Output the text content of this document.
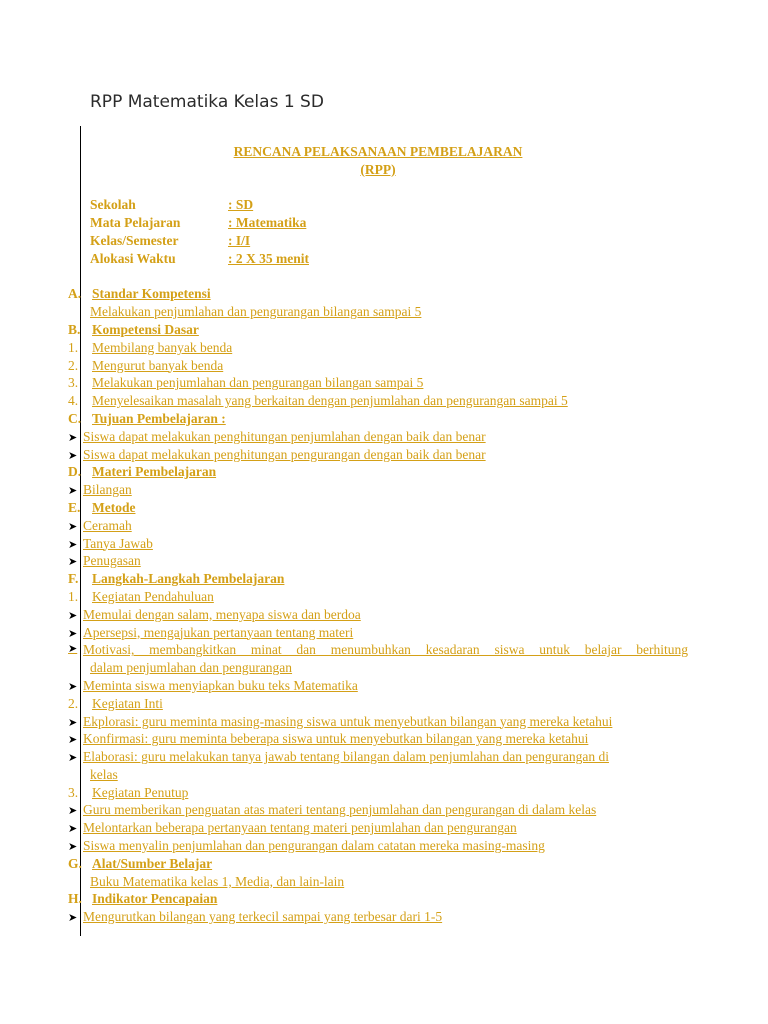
RPP Matematika Kelas 1 SD
RENCANA PELAKSANAAN PEMBELAJARAN
(RPP)
Sekolah	: SD
Mata Pelajaran	: Matematika
Kelas/Semester	: I/I
Alokasi Waktu	: 2 X 35 menit
A. Standar Kompetensi
Melakukan penjumlahan dan pengurangan bilangan sampai 5
B. Kompetensi Dasar
1. Membilang banyak benda
2. Mengurut banyak benda
3. Melakukan penjumlahan dan pengurangan bilangan sampai 5
4. Menyelesaikan masalah yang berkaitan dengan penjumlahan dan pengurangan sampai 5
C. Tujuan Pembelajaran :
➤ Siswa dapat melakukan penghitungan penjumlahan dengan baik dan benar
➤ Siswa dapat melakukan penghitungan pengurangan dengan baik dan benar
D. Materi Pembelajaran
➤ Bilangan
E. Metode
➤ Ceramah
➤ Tanya Jawab
➤ Penugasan
F. Langkah-Langkah Pembelajaran
1. Kegiatan Pendahuluan
➤ Memulai dengan salam, menyapa siswa dan berdoa
➤ Apersepsi, mengajukan pertanyaan tentang materi
➤ Motivasi, membangkitkan minat dan menumbuhkan kesadaran siswa untuk belajar berhitung
dalam penjumlahan dan pengurangan
➤ Meminta siswa menyiapkan buku teks Matematika
2. Kegiatan Inti
➤ Ekplorasi: guru meminta masing-masing siswa untuk menyebutkan bilangan yang mereka ketahui
➤ Konfirmasi: guru meminta beberapa siswa untuk menyebutkan bilangan yang mereka ketahui
➤ Elaborasi: guru melakukan tanya jawab tentang bilangan dalam penjumlahan dan pengurangan di
kelas
3. Kegiatan Penutup
➤ Guru memberikan penguatan atas materi tentang penjumlahan dan pengurangan di dalam kelas
➤ Melontarkan beberapa pertanyaan tentang materi penjumlahan dan pengurangan
➤ Siswa menyalin penjumlahan dan pengurangan dalam catatan mereka masing-masing
G. Alat/Sumber Belajar
Buku Matematika kelas 1, Media, dan lain-lain
H. Indikator Pencapaian
➤ Mengurutkan bilangan yang terkecil sampai yang terbesar dari 1-5
